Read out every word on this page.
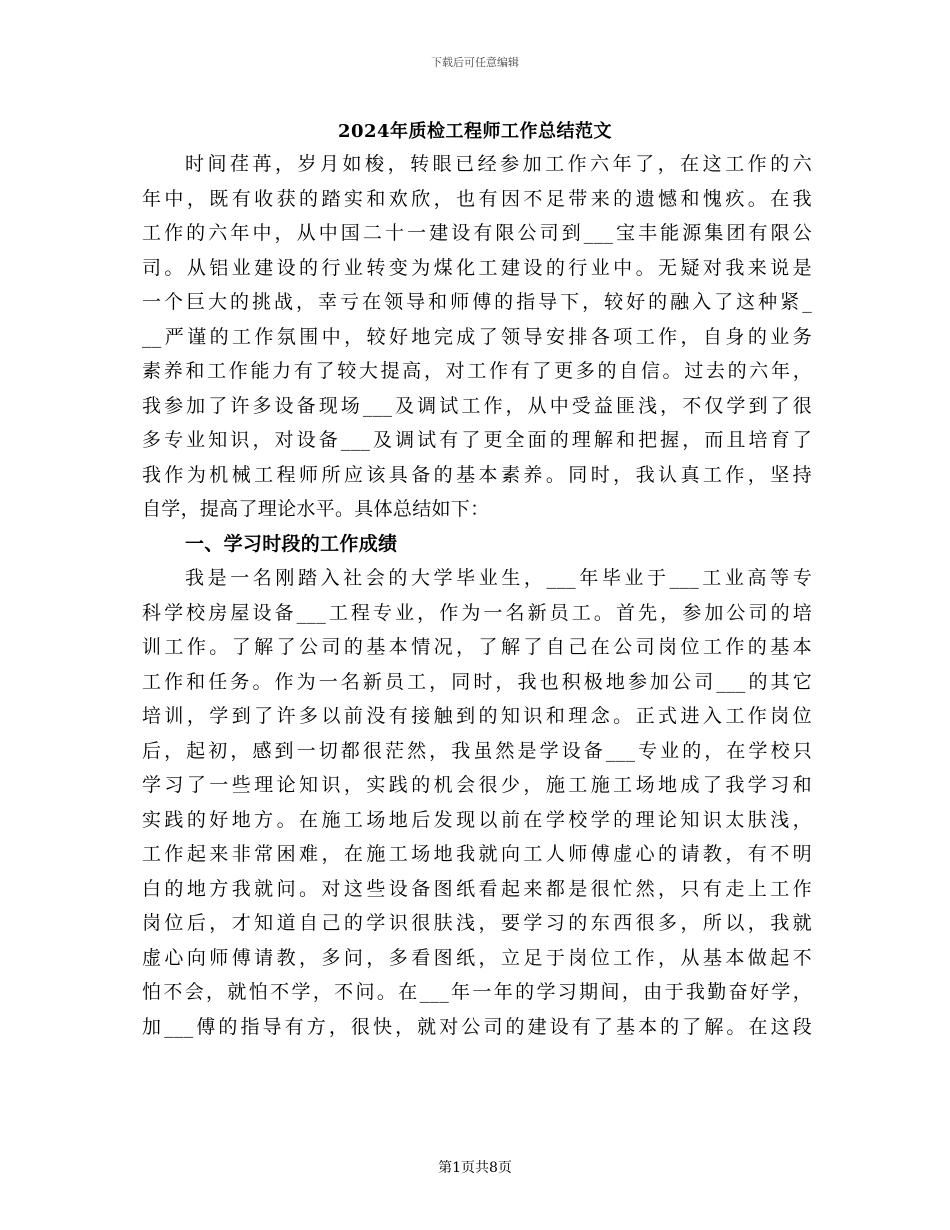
下载后可任意编辑
2024年质检工程师工作总结范文
时间荏苒，岁月如梭，转眼已经参加工作六年了，在这工作的六
年中，既有收获的踏实和欢欣，也有因不足带来的遗憾和愧疚。在我
工作的六年中，从中国二十一建设有限公司到___宝丰能源集团有限公
司。从铝业建设的行业转变为煤化工建设的行业中。无疑对我来说是
一个巨大的挑战，幸亏在领导和师傅的指导下，较好的融入了这种紧_
__严谨的工作氛围中，较好地完成了领导安排各项工作，自身的业务
素养和工作能力有了较大提高，对工作有了更多的自信。过去的六年，
我参加了许多设备现场___及调试工作，从中受益匪浅，不仅学到了很
多专业知识，对设备___及调试有了更全面的理解和把握，而且培育了
我作为机械工程师所应该具备的基本素养。同时，我认真工作，坚持
自学，提高了理论水平。具体总结如下：
一、学习时段的工作成绩
我是一名刚踏入社会的大学毕业生，___年毕业于___工业高等专
科学校房屋设备___工程专业，作为一名新员工。首先，参加公司的培
训工作。了解了公司的基本情况，了解了自己在公司岗位工作的基本
工作和任务。作为一名新员工，同时，我也积极地参加公司___的其它
培训，学到了许多以前没有接触到的知识和理念。正式进入工作岗位
后，起初，感到一切都很茫然，我虽然是学设备___专业的，在学校只
学习了一些理论知识，实践的机会很少，施工施工场地成了我学习和
实践的好地方。在施工场地后发现以前在学校学的理论知识太肤浅，
工作起来非常困难，在施工场地我就向工人师傅虚心的请教，有不明
白的地方我就问。对这些设备图纸看起来都是很忙然，只有走上工作
岗位后，才知道自己的学识很肤浅，要学习的东西很多，所以，我就
虚心向师傅请教，多问，多看图纸，立足于岗位工作，从基本做起不
怕不会，就怕不学，不问。在___年一年的学习期间，由于我勤奋好学，
加___傅的指导有方，很快，就对公司的建设有了基本的了解。在这段
第1页共8页
